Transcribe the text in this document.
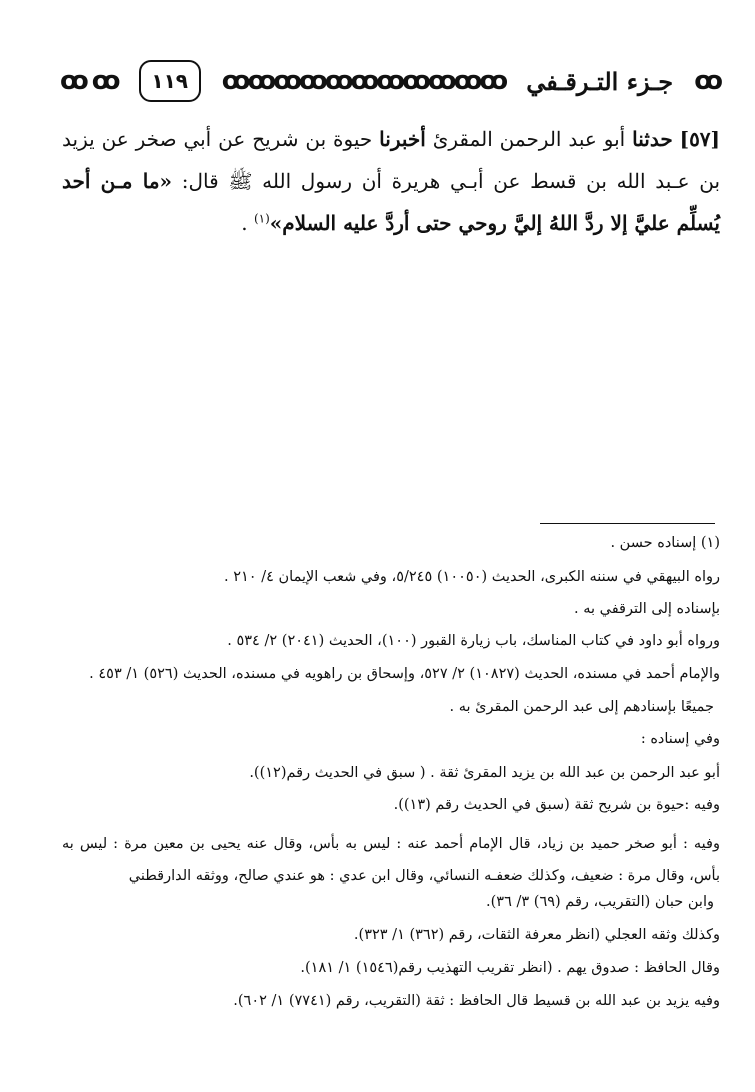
ꝏ ꝏ	١١٩	ꝏꝏꝏꝏꝏꝏꝏꝏꝏꝏꝏ جـزء التـرقـفي ꝏ
[٥٧] حدثنا أبو عبد الرحمن المقرئ أخبرنا حيوة بن شريح عن أبي صخر عن يزيد بن عـبد الله بن قسط عن أبـي هريرة أن رسول الله ﷺ قال: «ما مـن أحد يُسلِّم عليَّ إلا ردَّ اللهُ إليَّ روحي حتى أردَّ عليه السلام»$^{(١)}$ .

(١) إسناده حسن .

رواه البيهقي في سننه الكبرى، الحديث (١٠٠٥٠) ٥/٢٤٥، وفي شعب الإيمان ٤/ ٢١٠ .

بإسناده إلى الترقفي به .

ورواه أبو داود في كتاب المناسك، باب زيارة القبور (١٠٠)، الحديث (٢٠٤١) ٢/ ٥٣٤ .

والإمام أحمد في مسنده، الحديث (١٠٨٢٧) ٢/ ٥٢٧، وإسحاق بن راهويه في مسنده، الحديث (٥٢٦) ١/ ٤٥٣ .

جميعًا بإسنادهم إلى عبد الرحمن المقرئ به .

وفي إسناده :

أبو عبد الرحمن بن عبد الله بن يزيد المقرئ ثقة . ( سبق في الحديث رقم(١٢)).

وفيه :حيوة بن شريح ثقة (سبق في الحديث رقم (١٣)).

وفيه : أبو صخر حميد بن زياد، قال الإمام أحمد عنه : ليس به بأس، وقال عنه يحيى بن معين مرة : ليس به بأس، وقال مرة : ضعيف، وكذلك ضعفـه النسائي، وقال ابن عدي : هو عندي صالح، ووثقه الدارقطني

وابن حبان (التقريب، رقم (٦٩) ٣/ ٣٦).

وكذلك وثقه العجلي (انظر معرفة الثقات، رقم (٣٦٢) ١/ ٣٢٣).

وقال الحافظ : صدوق يهم . (انظر تقريب التهذيب رقم(١٥٤٦) ١/ ١٨١).

وفيه يزيد بن عبد الله بن قسيط قال الحافظ : ثقة (التقريب، رقم (٧٧٤١) ١/ ٦٠٢).
